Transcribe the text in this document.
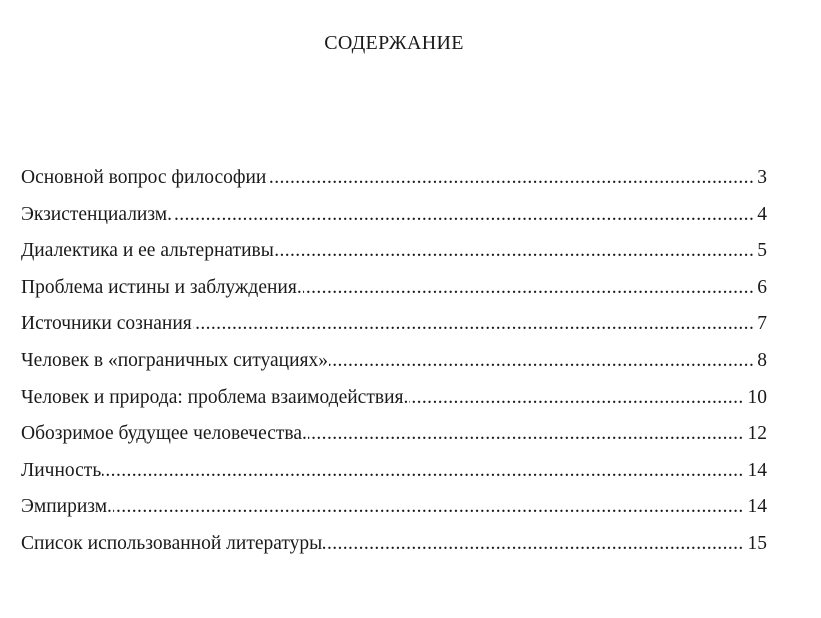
СОДЕРЖАНИЕ
.....
Основной вопрос философии	3
.....
Экзистенциализм.	4
.....
Диалектика и ее альтернативы	5
.....
Проблема истины и заблуждения.	6
.....
Источники сознания	7
.....
Человек в «пограничных ситуациях»	8
.....
Человек и природа: проблема взаимодействия.	10
.....
Обозримое будущее человечества.	12
.....
Личность	14
.....
Эмпиризм.	14
.....
Список использованной литературы	15
